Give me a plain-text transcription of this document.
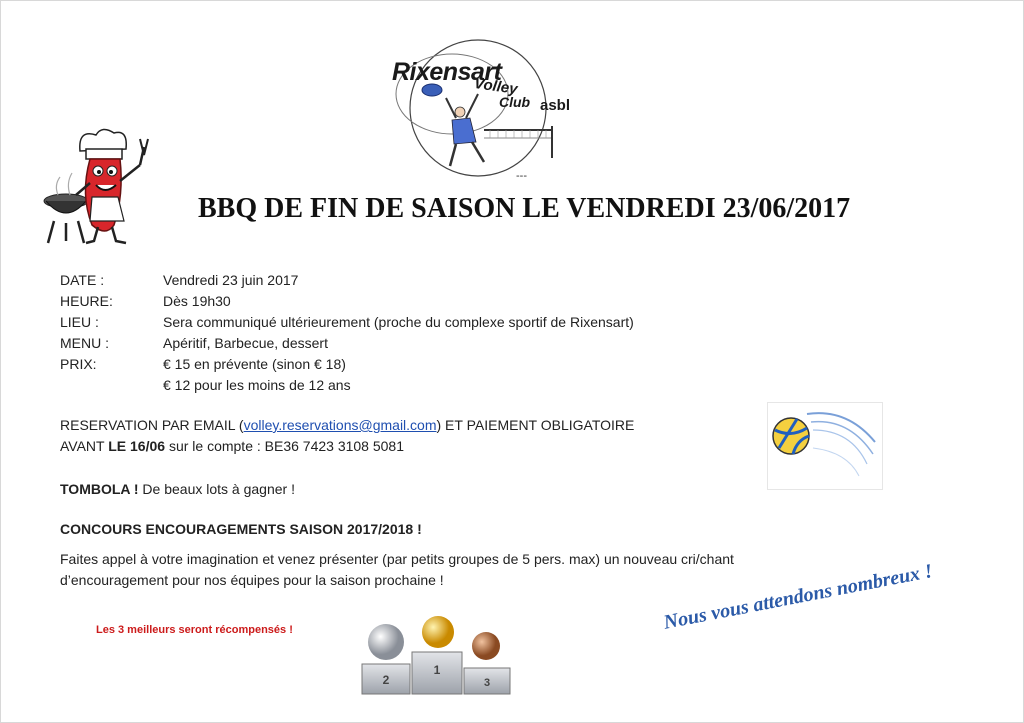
Rixensart
Volley
Club asbl
---
BBQ DE FIN DE SAISON LE VENDREDI 23/06/2017
DATE :	Vendredi 23 juin 2017
HEURE:	Dès 19h30
LIEU :	Sera communiqué ultérieurement (proche du complexe sportif de Rixensart)
MENU :	Apéritif, Barbecue, dessert
PRIX:	€ 15 en prévente (sinon € 18)
€ 12 pour les moins de 12 ans
RESERVATION PAR EMAIL (volley.reservations@gmail.com) ET PAIEMENT OBLIGATOIRE
AVANT LE 16/06 sur le compte : BE36 7423 3108 5081
TOMBOLA ! De beaux lots à gagner !
CONCOURS ENCOURAGEMENTS SAISON 2017/2018 !
Faites appel à votre imagination et venez présenter (par petits groupes de 5 pers. max) un nouveau cri/chant
d’encouragement pour nos équipes pour la saison prochaine !
Les 3 meilleurs seront récompensés !
2
1
3
Nous vous attendons nombreux !
